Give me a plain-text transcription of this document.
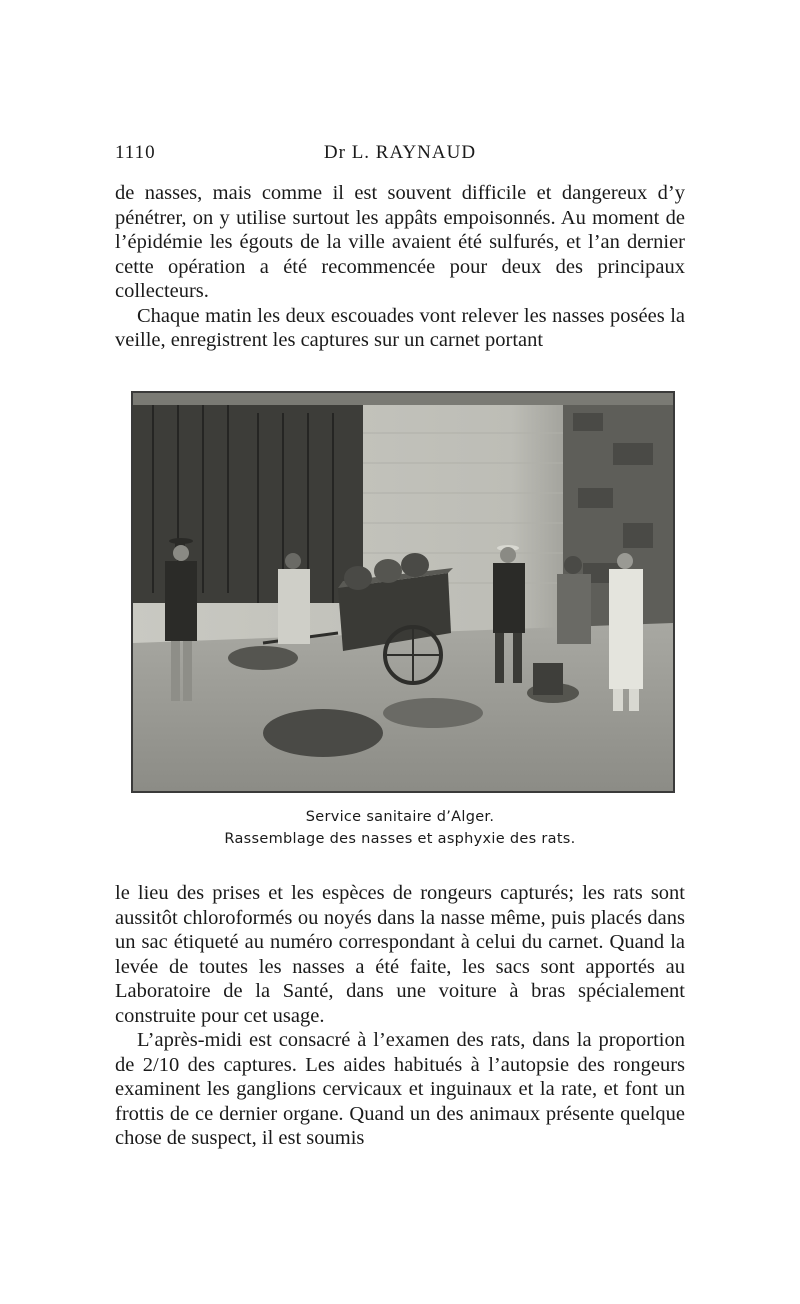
1110	Dr L. RAYNAUD

de nasses, mais comme il est souvent difficile et dangereux d’y pénétrer, on y utilise surtout les appâts empoisonnés. Au moment de l’épidémie les égouts de la ville avaient été sulfurés, et l’an dernier cette opération a été recommencée pour deux des principaux collecteurs.

Chaque matin les deux escouades vont relever les nasses posées la veille, enregistrent les captures sur un carnet portant

Service sanitaire d’Alger.
Rassemblage des nasses et asphyxie des rats.

le lieu des prises et les espèces de rongeurs capturés; les rats sont aussitôt chloroformés ou noyés dans la nasse même, puis placés dans un sac étiqueté au numéro correspondant à celui du carnet. Quand la levée de toutes les nasses a été faite, les sacs sont apportés au Laboratoire de la Santé, dans une voiture à bras spécialement construite pour cet usage.

L’après-midi est consacré à l’examen des rats, dans la proportion de 2/10 des captures. Les aides habitués à l’autopsie des rongeurs examinent les ganglions cervicaux et inguinaux et la rate, et font un frottis de ce dernier organe. Quand un des animaux présente quelque chose de suspect, il est soumis
